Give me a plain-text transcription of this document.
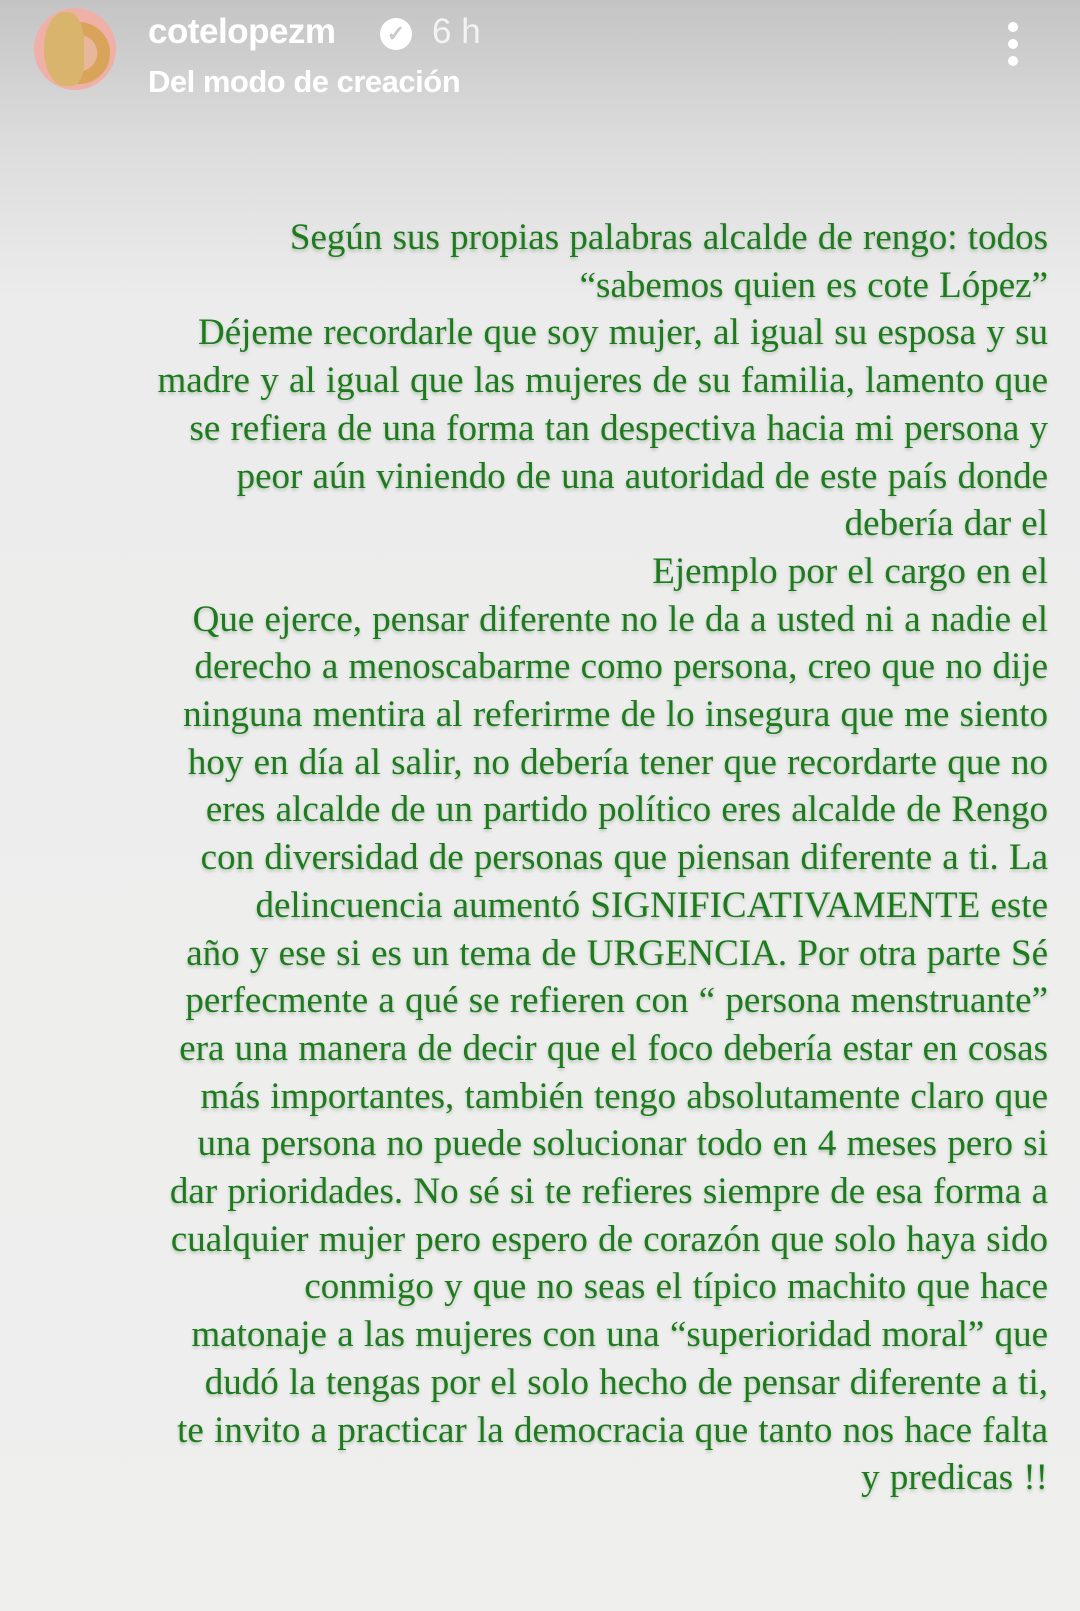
cotelopezm	✓ 6 h
Del modo de creación
Según sus propias palabras alcalde de rengo: todos
“sabemos quien es cote López”
Déjeme recordarle que soy mujer, al igual su esposa y su
madre y al igual que las mujeres de su familia, lamento que
se refiera de una forma tan despectiva hacia mi persona y
peor aún viniendo de una autoridad de este país donde
debería dar el
Ejemplo por el cargo en el
Que ejerce, pensar diferente no le da a usted ni a nadie el
derecho a menoscabarme como persona, creo que no dije
ninguna mentira al referirme de lo insegura que me siento
hoy en día al salir, no debería tener que recordarte que no
eres alcalde de un partido político eres alcalde de Rengo
con diversidad de personas que piensan diferente a ti. La
delincuencia aumentó SIGNIFICATIVAMENTE este
año y ese si es un tema de URGENCIA. Por otra parte Sé
perfecmente a qué se refieren con “ persona menstruante”
era una manera de decir que el foco debería estar en cosas
más importantes, también tengo absolutamente claro que
una persona no puede solucionar todo en 4 meses pero si
dar prioridades. No sé si te refieres siempre de esa forma a
cualquier mujer pero espero de corazón que solo haya sido
conmigo y que no seas el típico machito que hace
matonaje a las mujeres con una “superioridad moral” que
dudó la tengas por el solo hecho de pensar diferente a ti,
te invito a practicar la democracia que tanto nos hace falta
y predicas !!
